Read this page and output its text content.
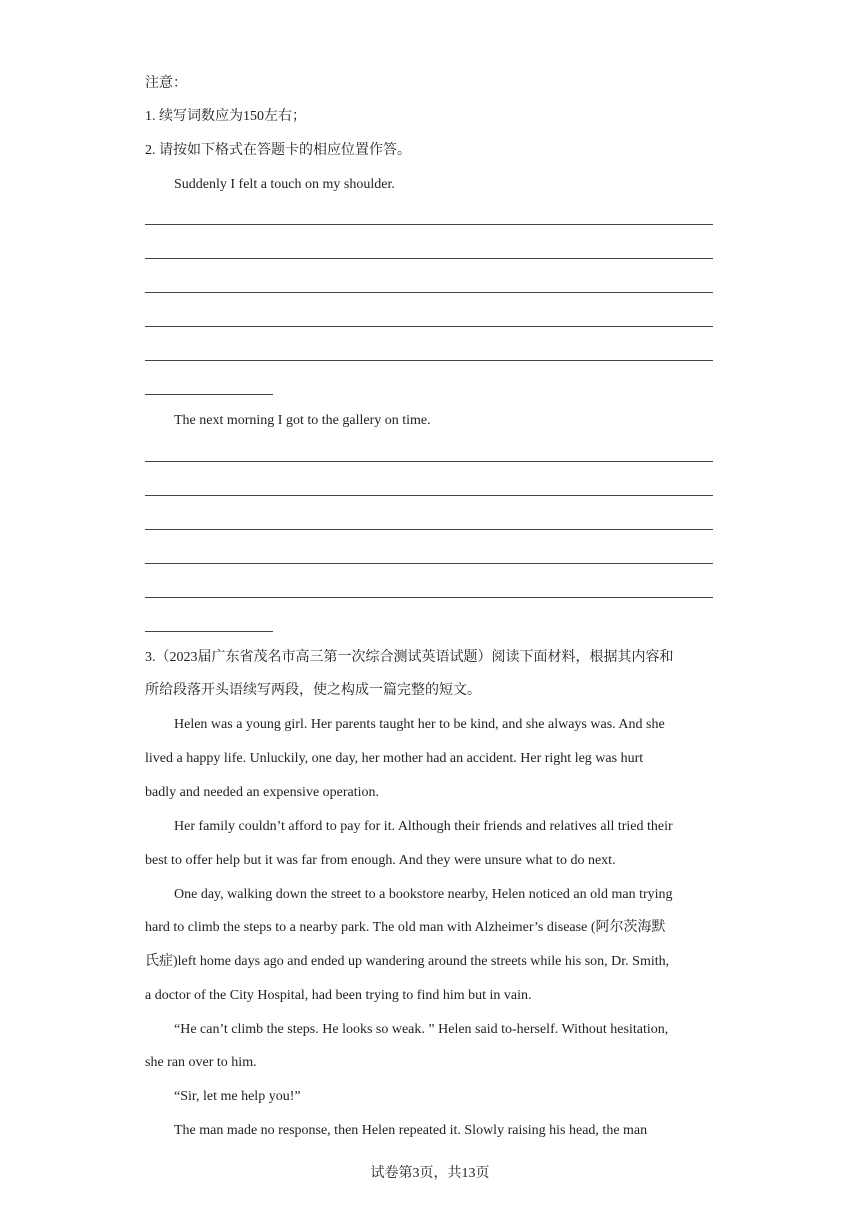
注意：
1. 续写词数应为150左右；
2. 请按如下格式在答题卡的相应位置作答。
Suddenly I felt a touch on my shoulder.
The next morning I got to the gallery on time.
3.（2023届广东省茂名市高三第一次综合测试英语试题）阅读下面材料，根据其内容和
所给段落开头语续写两段，使之构成一篇完整的短文。
Helen was a young girl. Her parents taught her to be kind, and she always was. And she
lived a happy life. Unluckily, one day, her mother had an accident. Her right leg was hurt
badly and needed an expensive operation.
Her family couldn’t afford to pay for it. Although their friends and relatives all tried their
best to offer help but it was far from enough. And they were unsure what to do next.
One day, walking down the street to a bookstore nearby, Helen noticed an old man trying
hard to climb the steps to a nearby park. The old man with Alzheimer’s disease (阿尔茨海默
氏症)left home days ago and ended up wandering around the streets while his son, Dr. Smith,
a doctor of the City Hospital, had been trying to find him but in vain.
“He can’t climb the steps. He looks so weak. ” Helen said to-herself. Without hesitation,
she ran over to him.
“Sir, let me help you!”
The man made no response, then Helen repeated it. Slowly raising his head, the man
试卷第3页，共13页
